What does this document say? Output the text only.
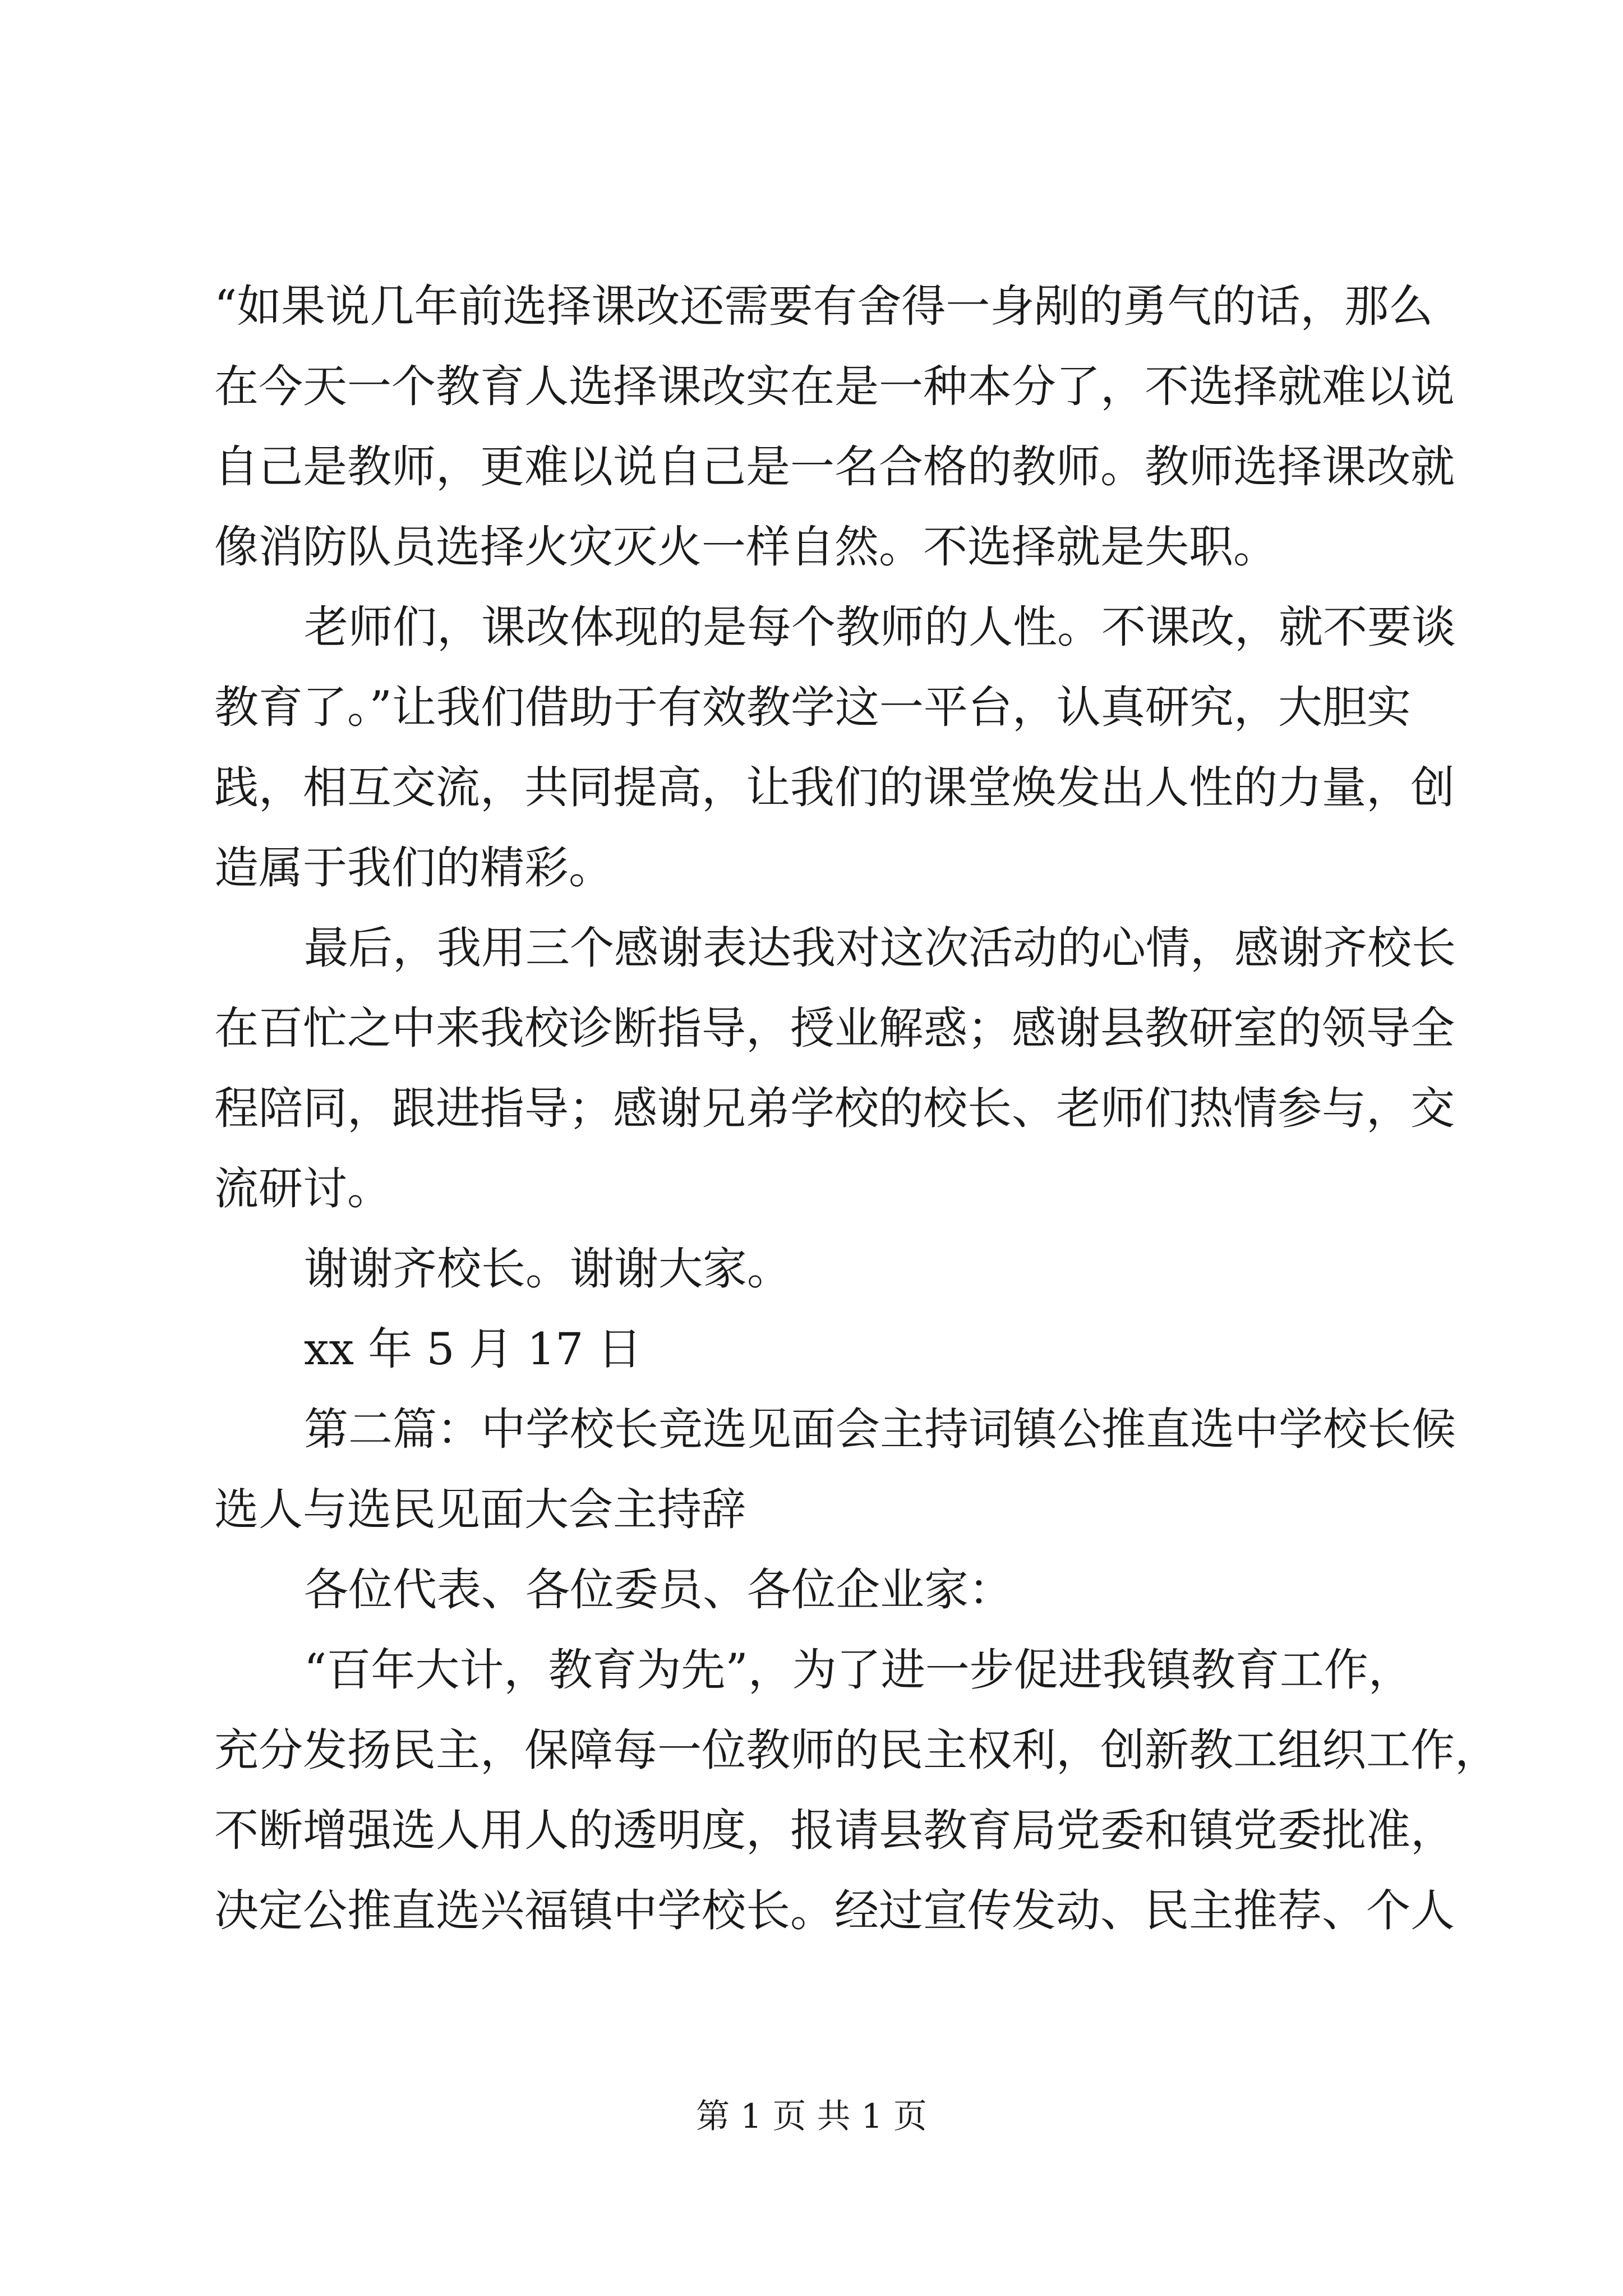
“如果说几年前选择课改还需要有舍得一身剐的勇气的话，那么
在今天一个教育人选择课改实在是一种本分了，不选择就难以说
自己是教师，更难以说自己是一名合格的教师。教师选择课改就
像消防队员选择火灾灭火一样自然。不选择就是失职。
老师们，课改体现的是每个教师的人性。不课改，就不要谈
教育了。”让我们借助于有效教学这一平台，认真研究，大胆实
践，相互交流，共同提高，让我们的课堂焕发出人性的力量，创
造属于我们的精彩。
最后，我用三个感谢表达我对这次活动的心情，感谢齐校长
在百忙之中来我校诊断指导，授业解惑；感谢县教研室的领导全
程陪同，跟进指导；感谢兄弟学校的校长、老师们热情参与，交
流研讨。
谢谢齐校长。谢谢大家。
xx 年 5 月 17 日
第二篇：中学校长竞选见面会主持词镇公推直选中学校长候
选人与选民见面大会主持辞
各位代表、各位委员、各位企业家：
“百年大计，教育为先”，为了进一步促进我镇教育工作，
充分发扬民主，保障每一位教师的民主权利，创新教工组织工作，
不断增强选人用人的透明度，报请县教育局党委和镇党委批准，
决定公推直选兴福镇中学校长。经过宣传发动、民主推荐、个人
第 1 页 共 1 页
